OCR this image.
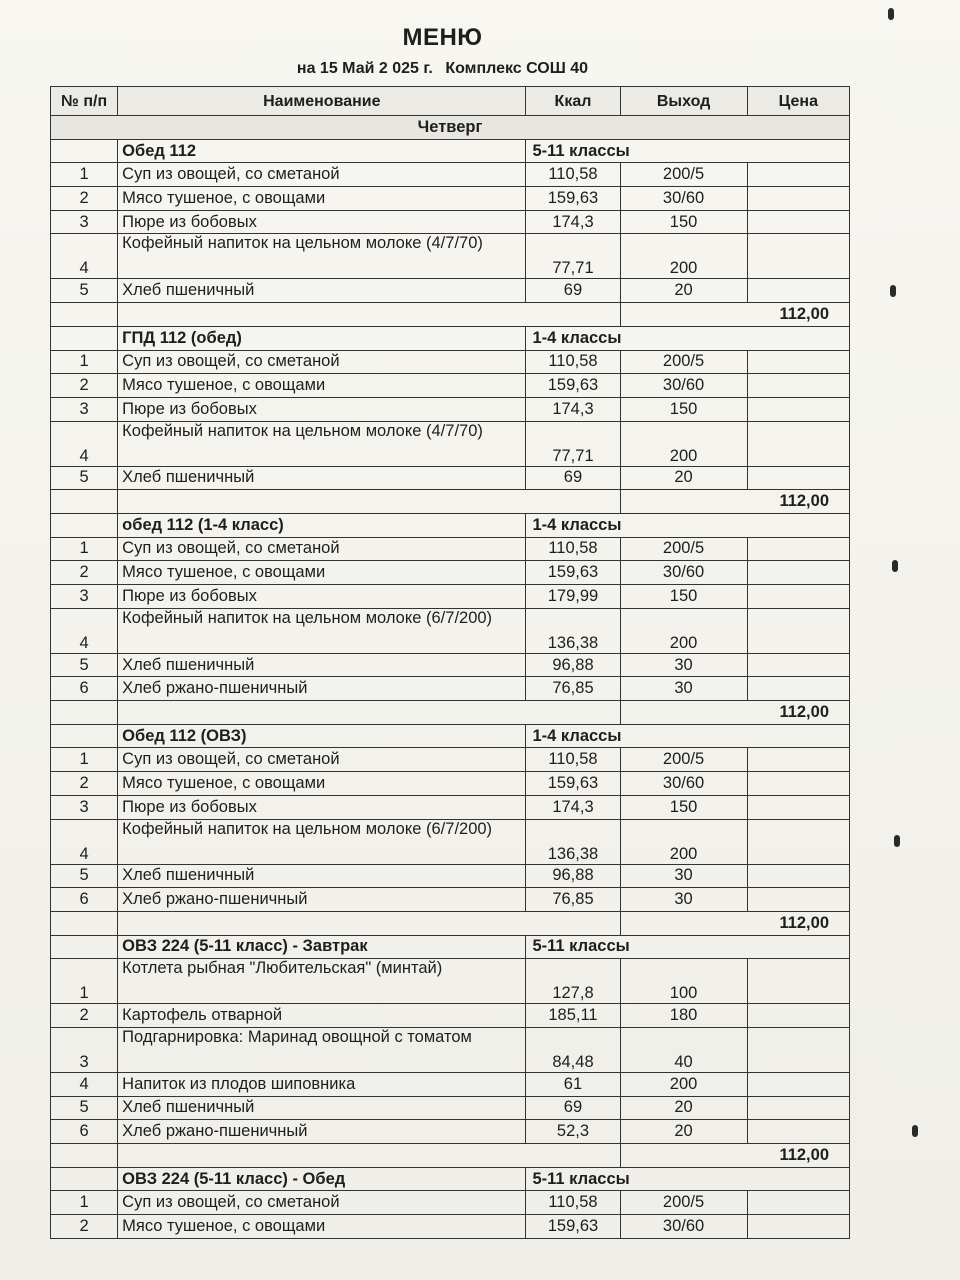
МЕНЮ
на 15 Май 2 025 г. Комплекс СОШ 40
№ п/п	Наименование	Ккал	Выход	Цена
Четверг				
	Обед 112	5-11 классы		
1	Суп из овощей, со сметаной	110,58	200/5	
2	Мясо тушеное, с овощами	159,63	30/60	
3	Пюре из бобовых	174,3	150	
4	Кофейный напиток на цельном молоке (4/7/70)	77,71	200	
5	Хлеб пшеничный	69	20	
			112,00	
	ГПД 112 (обед)	1-4 классы		
1	Суп из овощей, со сметаной	110,58	200/5	
2	Мясо тушеное, с овощами	159,63	30/60	
3	Пюре из бобовых	174,3	150	
4	Кофейный напиток на цельном молоке (4/7/70)	77,71	200	
5	Хлеб пшеничный	69	20	
			112,00	
	обед 112 (1-4 класс)	1-4 классы		
1	Суп из овощей, со сметаной	110,58	200/5	
2	Мясо тушеное, с овощами	159,63	30/60	
3	Пюре из бобовых	179,99	150	
4	Кофейный напиток на цельном молоке (6/7/200)	136,38	200	
5	Хлеб пшеничный	96,88	30	
6	Хлеб ржано-пшеничный	76,85	30	
			112,00	
	Обед 112 (ОВЗ)	1-4 классы		
1	Суп из овощей, со сметаной	110,58	200/5	
2	Мясо тушеное, с овощами	159,63	30/60	
3	Пюре из бобовых	174,3	150	
4	Кофейный напиток на цельном молоке (6/7/200)	136,38	200	
5	Хлеб пшеничный	96,88	30	
6	Хлеб ржано-пшеничный	76,85	30	
			112,00	
	ОВЗ 224 (5-11 класс) - Завтрак	5-11 классы		
1	Котлета рыбная "Любительская" (минтай)	127,8	100	
2	Картофель отварной	185,11	180	
3	Подгарнировка: Маринад овощной с томатом	84,48	40	
4	Напиток из плодов шиповника	61	200	
5	Хлеб пшеничный	69	20	
6	Хлеб ржано-пшеничный	52,3	20	
			112,00	
	ОВЗ 224 (5-11 класс) - Обед	5-11 классы		
1	Суп из овощей, со сметаной	110,58	200/5	
2	Мясо тушеное, с овощами	159,63	30/60	
